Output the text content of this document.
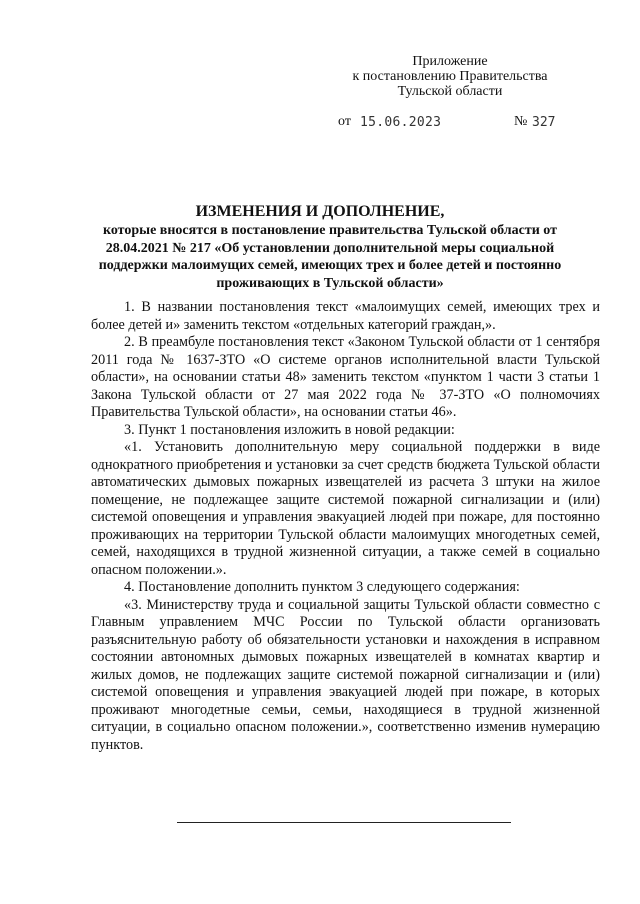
Приложение
к постановлению Правительства
Тульской области
от 15.06.2023	№ 327
ИЗМЕНЕНИЯ И ДОПОЛНЕНИЕ,
которые вносятся в постановление правительства Тульской области от 28.04.2021 № 217 «Об установлении дополнительной меры социальной поддержки малоимущих семей, имеющих трех и более детей и постоянно проживающих в Тульской области»

1. В названии постановления текст «малоимущих семей, имеющих трех и более детей и» заменить текстом «отдельных категорий граждан,».

2. В преамбуле постановления текст «Законом Тульской области от 1 сентября 2011 года № 1637-ЗТО «О системе органов исполнительной власти Тульской области», на основании статьи 48» заменить текстом «пунктом 1 части 3 статьи 1 Закона Тульской области от 27 мая 2022 года № 37-ЗТО «О полномочиях Правительства Тульской области», на основании статьи 46».

3. Пункт 1 постановления изложить в новой редакции:

«1. Установить дополнительную меру социальной поддержки в виде однократного приобретения и установки за счет средств бюджета Тульской области автоматических дымовых пожарных извещателей из расчета 3 штуки на жилое помещение, не подлежащее защите системой пожарной сигнализации и (или) системой оповещения и управления эвакуацией людей при пожаре, для постоянно проживающих на территории Тульской области малоимущих многодетных семей, семей, находящихся в трудной жизненной ситуации, а также семей в социально опасном положении.».

4. Постановление дополнить пунктом 3 следующего содержания:

«3. Министерству труда и социальной защиты Тульской области совместно с Главным управлением МЧС России по Тульской области организовать разъяснительную работу об обязательности установки и нахождения в исправном состоянии автономных дымовых пожарных извещателей в комнатах квартир и жилых домов, не подлежащих защите системой пожарной сигнализации и (или) системой оповещения и управления эвакуацией людей при пожаре, в которых проживают многодетные семьи, семьи, находящиеся в трудной жизненной ситуации, в социально опасном положении.», соответственно изменив нумерацию пунктов.
